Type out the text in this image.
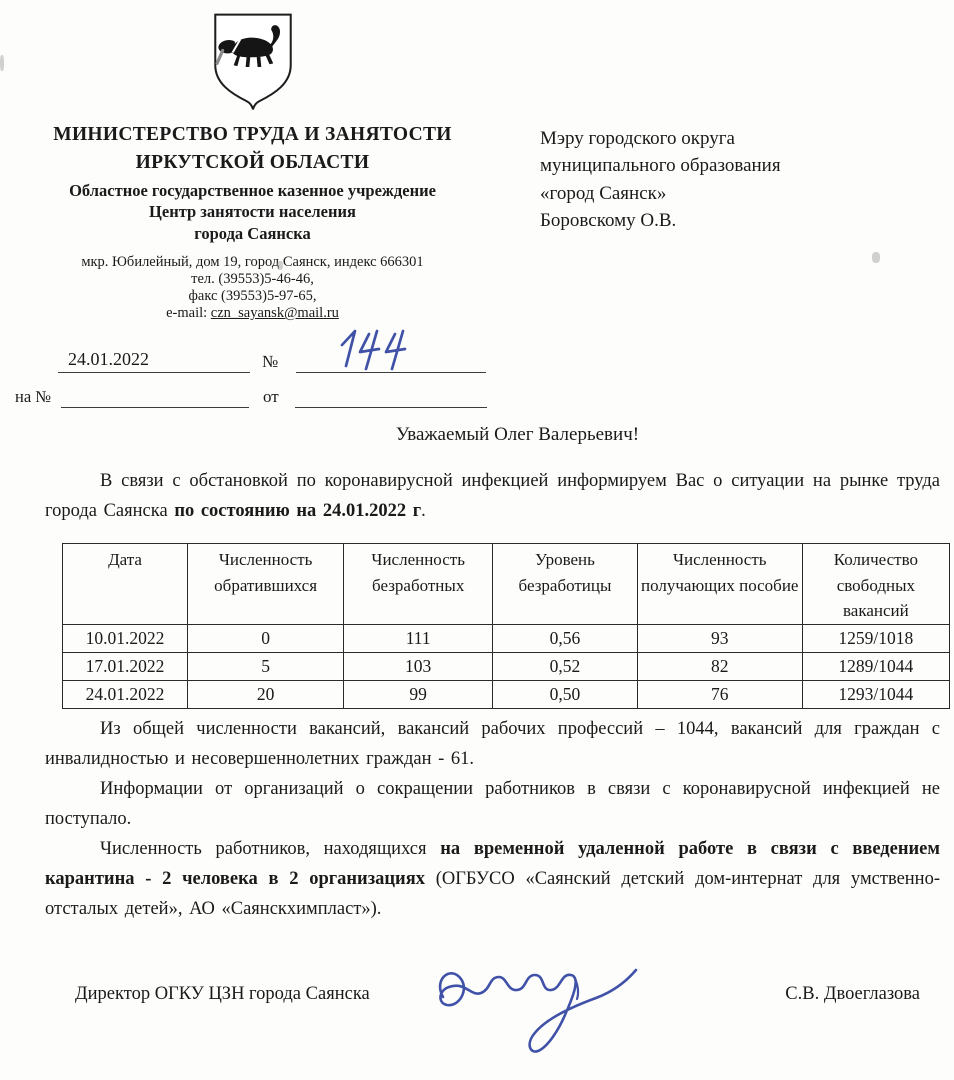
МИНИСТЕРСТВО ТРУДА И ЗАНЯТОСТИ
ИРКУТСКОЙ ОБЛАСТИ
Областное государственное казенное учреждение
Центр занятости населения
города Саянска
мкр. Юбилейный, дом 19, город Саянск, индекс 666301
тел. (39553)5-46-46,
факс (39553)5-97-65,
e-mail: czn_sayansk@mail.ru
Мэру городского округа
муниципального образования
«город Саянск»
Боровскому О.В.
24.01.2022	№
на №	от
Уважаемый Олег Валерьевич!

В связи с обстановкой по коронавирусной инфекцией информируем Вас о ситуации на рынке труда города Саянска по состоянию на 24.01.2022 г.

Дата	Численность обратившихся	Численность безработных	Уровень безработицы	Численность получающих пособие	Количество свободных вакансий
10.01.2022	0	111	0,56	93	1259/1018
17.01.2022	5	103	0,52	82	1289/1044
24.01.2022	20	99	0,50	76	1293/1044

Из общей численности вакансий, вакансий рабочих профессий – 1044, вакансий для граждан с инвалидностью и несовершеннолетних граждан - 61.

Информации от организаций о сокращении работников в связи с коронавирусной инфекцией не поступало.

Численность работников, находящихся на временной удаленной работе в связи с введением карантина - 2 человека в 2 организациях (ОГБУСО «Саянский детский дом-интернат для умственно-отсталых детей», АО «Саянскхимпласт»).

Директор ОГКУ ЦЗН города Саянска	С.В. Двоеглазова
